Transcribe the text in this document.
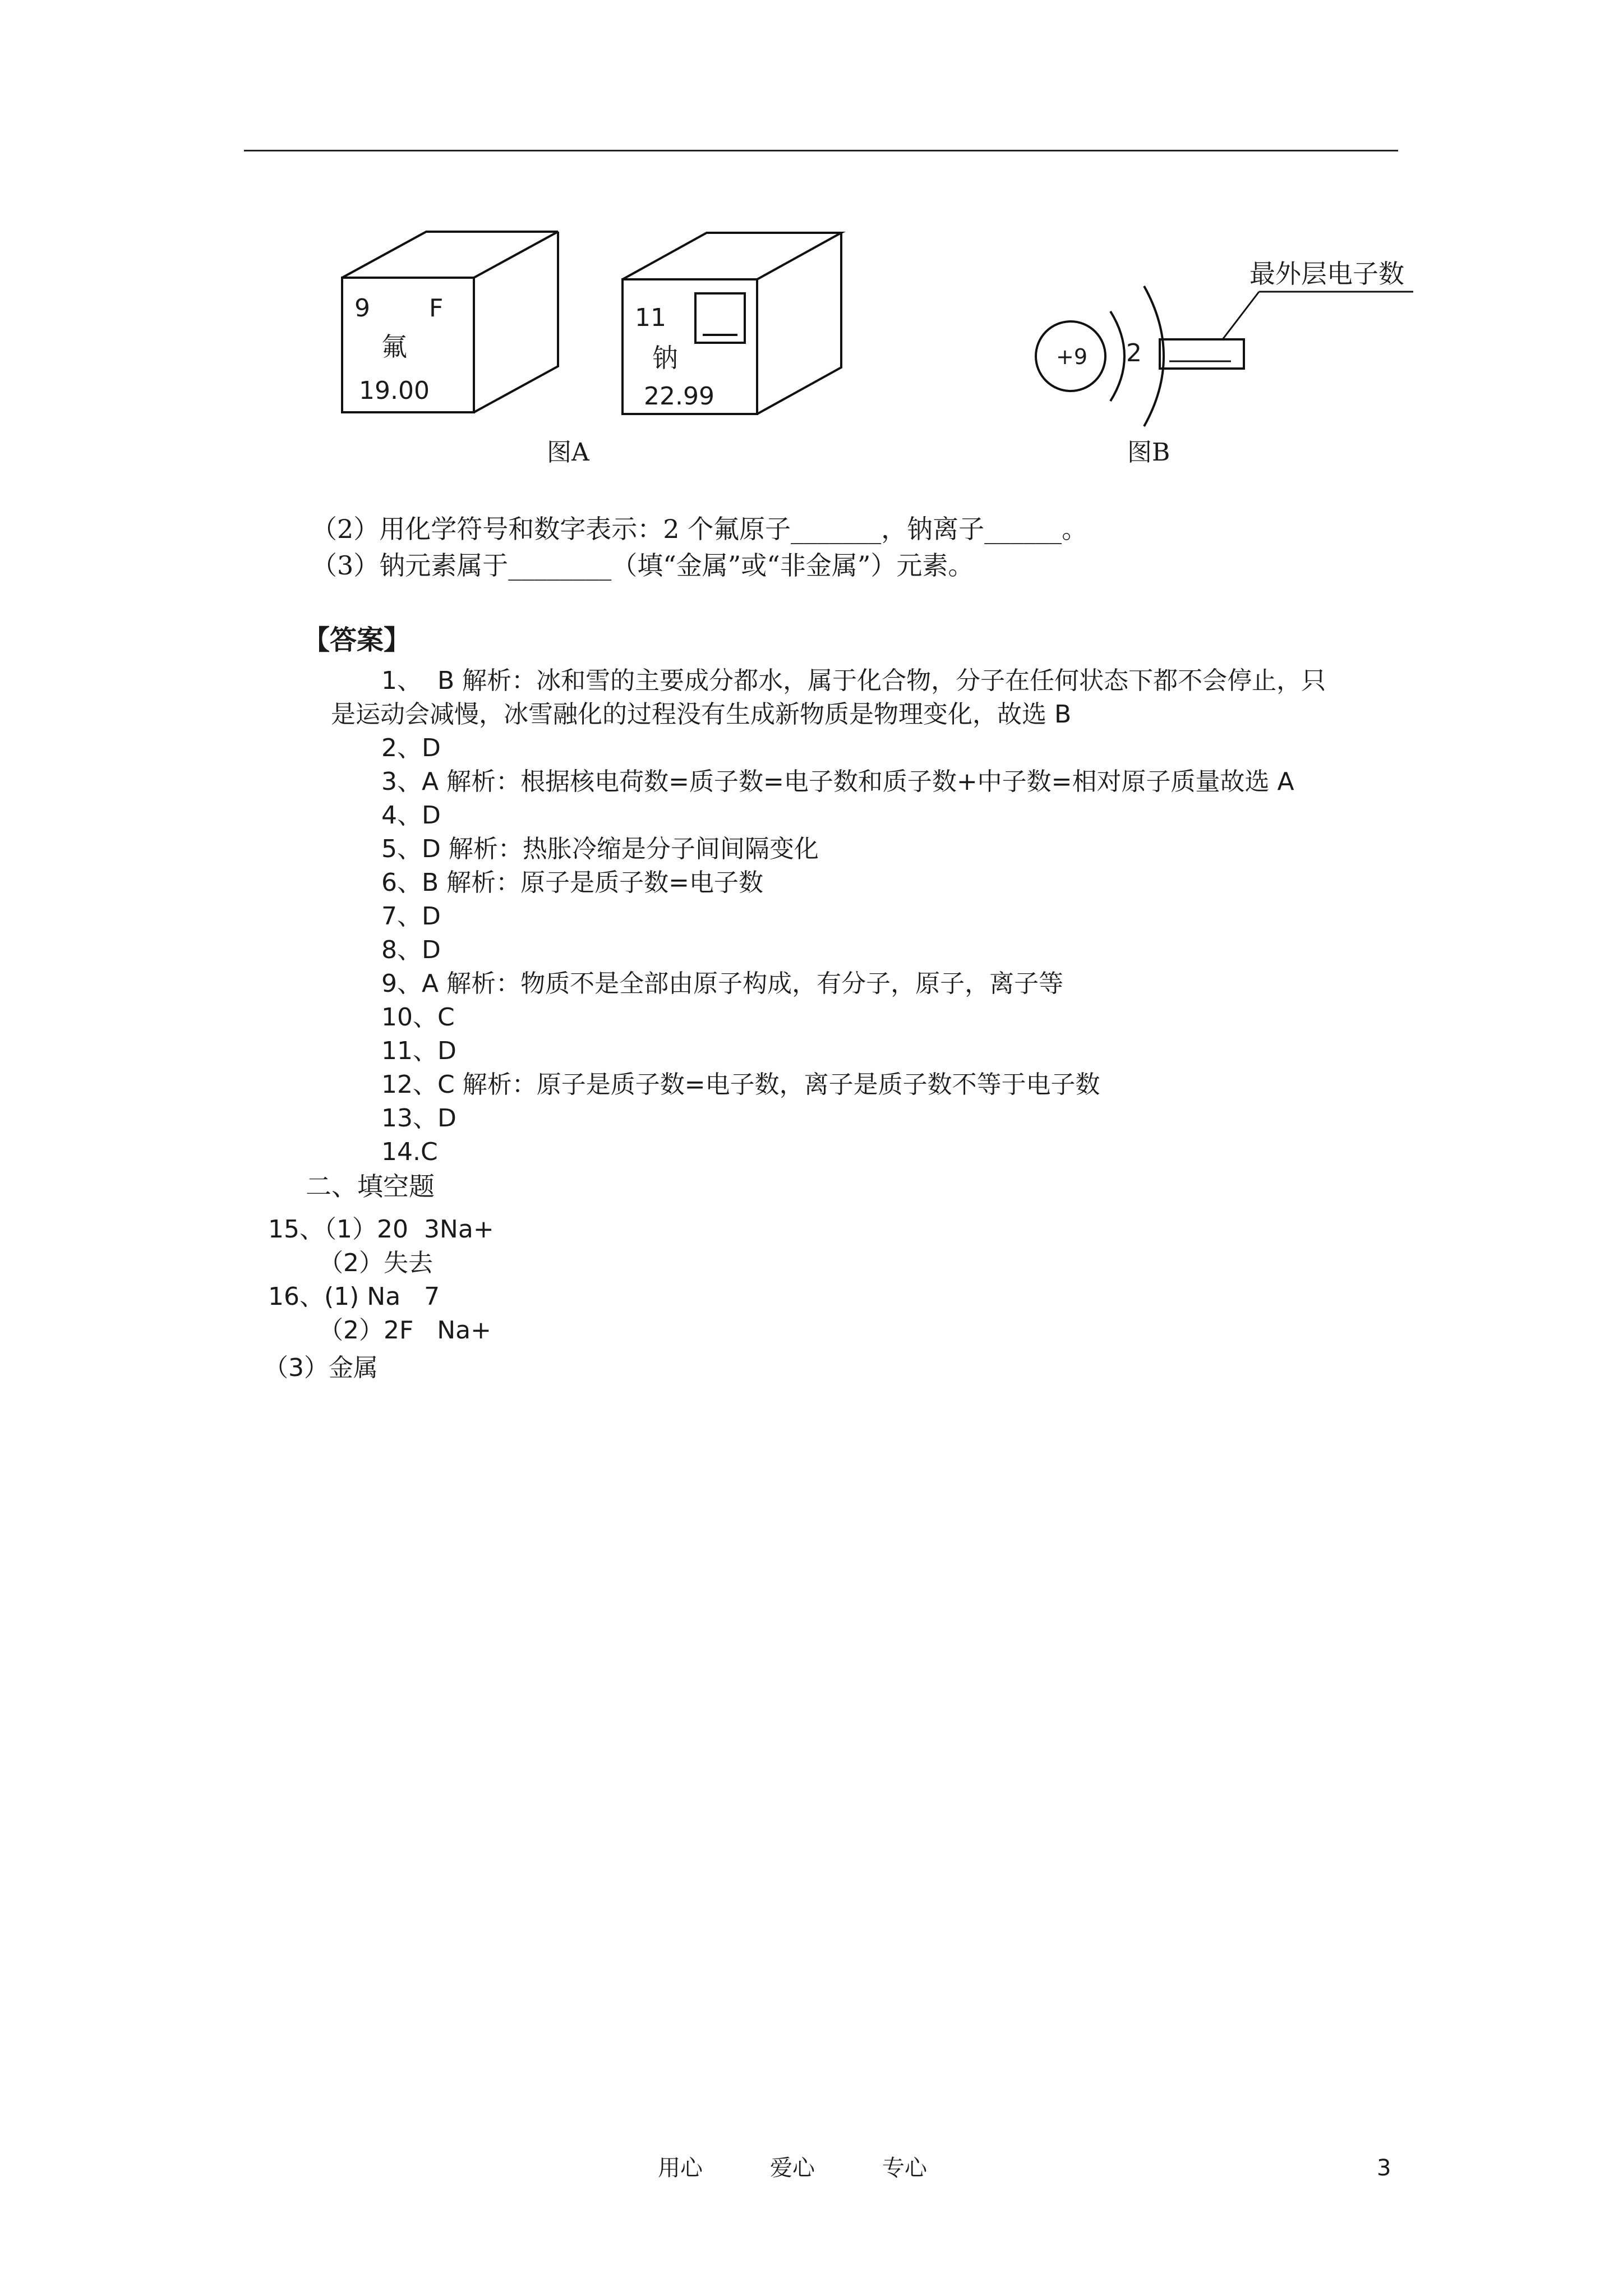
9 F
氟
19.00
11
钠
22.99
图A
+9 2
最外层电子数
图B
（2）用化学符号和数字表示：2 个氟原子_______，钠离子______。
（3）钠元素属于________（填“金属”或“非金属”）元素。
【答案】
1、  B 解析：冰和雪的主要成分都水，属于化合物，分子在任何状态下都不会停止，只
是运动会减慢，冰雪融化的过程没有生成新物质是物理变化，故选 B
2、D
3、A 解析：根据核电荷数=质子数=电子数和质子数+中子数=相对原子质量故选 A
4、D
5、D 解析：热胀冷缩是分子间间隔变化
6、B 解析：原子是质子数=电子数
7、D
8、D
9、A 解析：物质不是全部由原子构成，有分子，原子，离子等
10、C
11、D
12、C 解析：原子是质子数=电子数，离子是质子数不等于电子数
13、D
14.C
二、填空题
15、（1）20  3Na+
（2）失去
16、(1) Na   7
（2）2F   Na+
（3）金属
用心	爱心	专心	3
